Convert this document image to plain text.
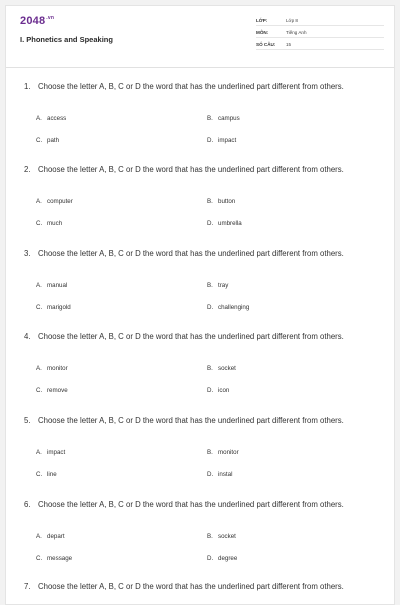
$2048^{.vn}$
I. Phonetics and Speaking
LỚP:	Lớp 8
MÔN:	Tiếng Anh
SỐ CÂU:	15
1. Choose the letter A, B, C or D the word that has the underlined part different from others.
A. access	B. campus
C. path	D. impact
2. Choose the letter A, B, C or D the word that has the underlined part different from others.
A. computer	B. button
C. much	D. umbrella
3. Choose the letter A, B, C or D the word that has the underlined part different from others.
A. manual	B. tray
C. marigold	D. challenging
4. Choose the letter A, B, C or D the word that has the underlined part different from others.
A. monitor	B. socket
C. remove	D. icon
5. Choose the letter A, B, C or D the word that has the underlined part different from others.
A. impact	B. monitor
C. line	D. instal
6. Choose the letter A, B, C or D the word that has the underlined part different from others.
A. depart	B. socket
C. message	D. degree
7. Choose the letter A, B, C or D the word that has the underlined part different from others.
